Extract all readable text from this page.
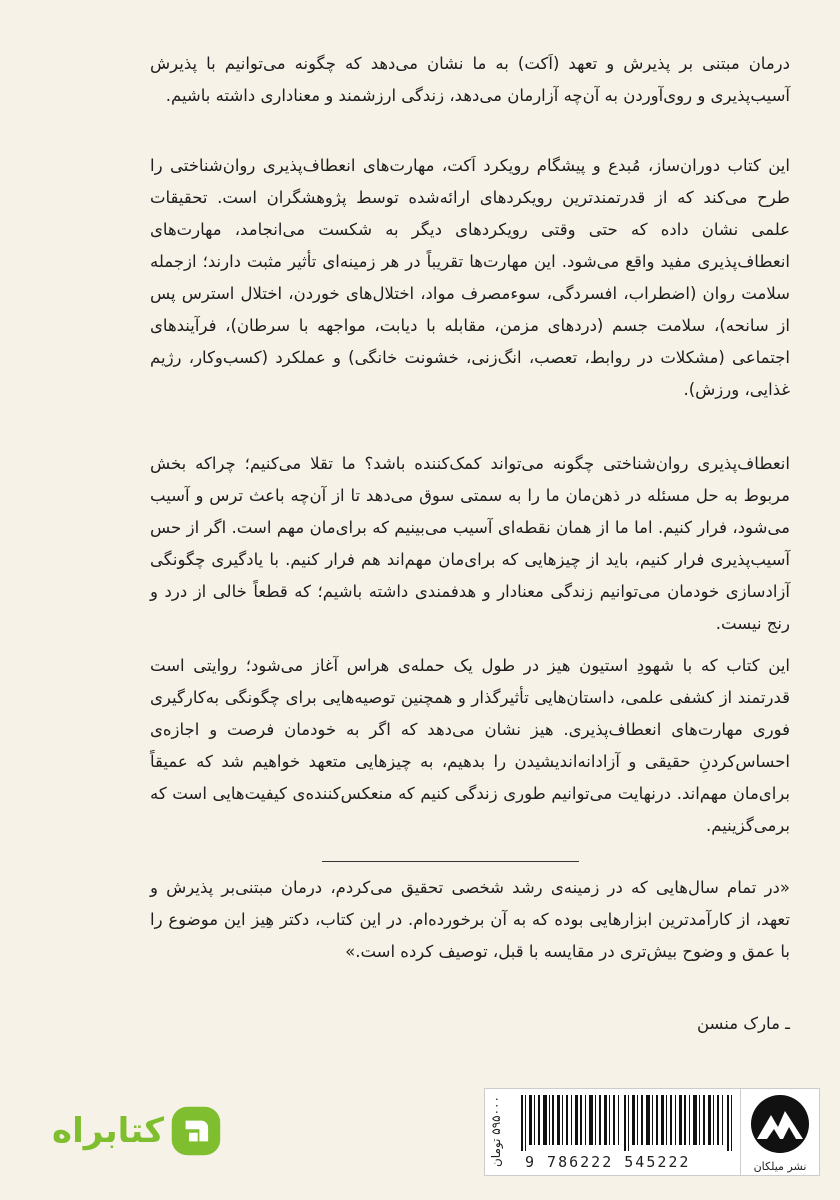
درمان مبتنی بر پذیرش و تعهد (اَکت) به ما نشان می‌دهد که چگونه می‌توانیم با پذیرش آسیب‌پذیری و روی‌آوردن به آن‌چه آزارمان می‌دهد، زندگی ارزشمند و معناداری داشته باشیم.

این کتاب دوران‌ساز، مُبدع و پیشگام رویکرد اَکت، مهارت‌های انعطاف‌پذیری روان‌شناختی را طرح می‌کند که از قدرتمندترین رویکردهای ارائه‌شده توسط پژوهشگران است. تحقیقات علمی نشان داده که حتی وقتی رویکردهای دیگر به شکست می‌انجامد، مهارت‌های انعطاف‌پذیری مفید واقع می‌شود. این مهارت‌ها تقریباً در هر زمینه‌ای تأثیر مثبت دارند؛ ازجمله سلامت روان (اضطراب، افسردگی، سوءمصرف مواد، اختلال‌های خوردن، اختلال استرس پس از سانحه)، سلامت جسم (دردهای مزمن، مقابله با دیابت، مواجهه با سرطان)، فرآیندهای اجتماعی (مشکلات در روابط، تعصب، انگ‌زنی، خشونت خانگی) و عملکرد (کسب‌وکار، رژیم غذایی، ورزش).

انعطاف‌پذیری روان‌شناختی چگونه می‌تواند کمک‌کننده باشد؟ ما تقلا می‌کنیم؛ چراکه بخش مربوط به حل مسئله در ذهن‌مان ما را به سمتی سوق می‌دهد تا از آن‌چه باعث ترس و آسیب می‌شود، فرار کنیم. اما ما از همان نقطه‌ای آسیب می‌بینیم که برای‌مان مهم است. اگر از حس آسیب‌پذیری فرار کنیم، باید از چیزهایی که برای‌مان مهم‌اند هم فرار کنیم. با یادگیری چگونگی آزادسازی خودمان می‌توانیم زندگی معنادار و هدفمندی داشته باشیم؛ که قطعاً خالی از درد و رنج نیست.

این کتاب که با شهودِ استیون هیز در طول یک حمله‌ی هراس آغاز می‌شود؛ روایتی است قدرتمند از کشفی علمی، داستان‌هایی تأثیرگذار و همچنین توصیه‌هایی برای چگونگی به‌کارگیری فوری مهارت‌های انعطاف‌پذیری. هیز نشان می‌دهد که اگر به خودمان فرصت و اجازه‌ی احساس‌کردنِ حقیقی و آزادانه‌اندیشیدن را بدهیم، به چیزهایی متعهد خواهیم شد که عمیقاً برای‌مان مهم‌اند. درنهایت می‌توانیم طوری زندگی کنیم که منعکس‌کننده‌ی کیفیت‌هایی است که برمی‌گزینیم.

«در تمام سال‌هایی که در زمینه‌ی رشد شخصی تحقیق می‌کردم، درمان مبتنی‌بر پذیرش و تعهد، از کارآمدترین ابزارهایی بوده که به آن برخورده‌ام. در این کتاب، دکتر هِیز این موضوع را با عمق و وضوح بیش‌تری در مقایسه با قبل، توصیف کرده است.»

ـ مارک منسن
کتابراه
۵۹۵۰۰۰ تومان
9 786222 545222	نشر میلکان
